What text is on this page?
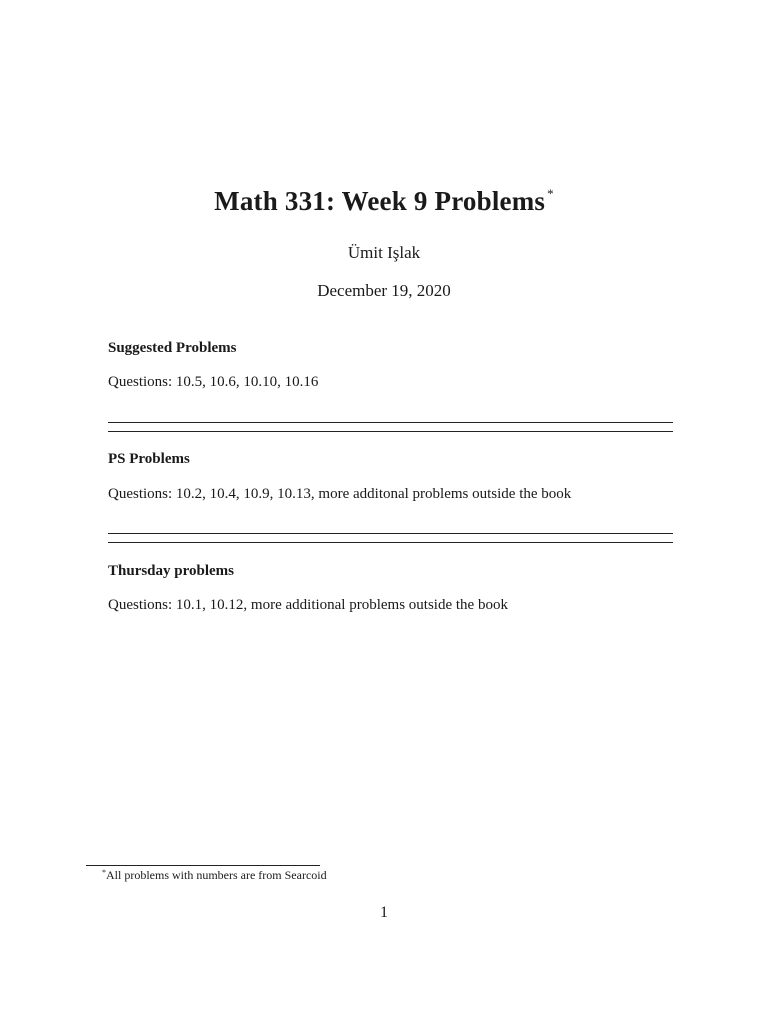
Math 331: Week 9 Problems *
Ümit Işlak
December 19, 2020
Suggested Problems
Questions: 10.5, 10.6, 10.10, 10.16
PS Problems
Questions: 10.2, 10.4, 10.9, 10.13, more additonal problems outside the book
Thursday problems
Questions: 10.1, 10.12, more additional problems outside the book
*All problems with numbers are from Searcoid
1
